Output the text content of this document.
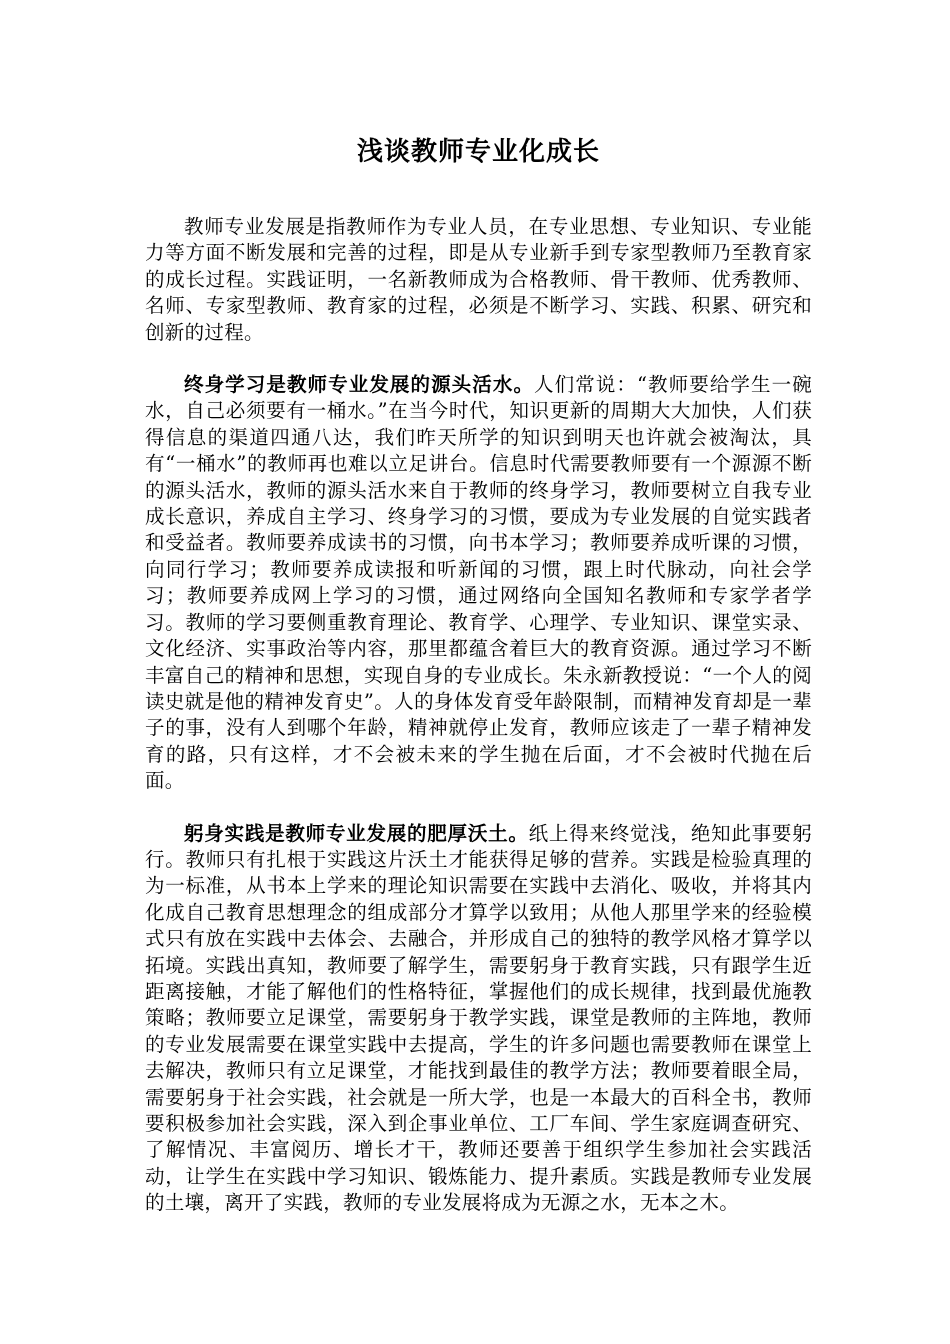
浅谈教师专业化成长

教师专业发展是指教师作为专业人员，在专业思想、专业知识、专业能力等方面不断发展和完善的过程，即是从专业新手到专家型教师乃至教育家的成长过程。实践证明，一名新教师成为合格教师、骨干教师、优秀教师、名师、专家型教师、教育家的过程，必须是不断学习、实践、积累、研究和创新的过程。

终身学习是教师专业发展的源头活水。人们常说：“教师要给学生一碗水，自己必须要有一桶水。”在当今时代，知识更新的周期大大加快，人们获得信息的渠道四通八达，我们昨天所学的知识到明天也许就会被淘汰，具有“一桶水”的教师再也难以立足讲台。信息时代需要教师要有一个源源不断的源头活水，教师的源头活水来自于教师的终身学习，教师要树立自我专业成长意识，养成自主学习、终身学习的习惯，要成为专业发展的自觉实践者和受益者。教师要养成读书的习惯，向书本学习；教师要养成听课的习惯，向同行学习；教师要养成读报和听新闻的习惯，跟上时代脉动，向社会学习；教师要养成网上学习的习惯，通过网络向全国知名教师和专家学者学习。教师的学习要侧重教育理论、教育学、心理学、专业知识、课堂实录、文化经济、实事政治等内容，那里都蕴含着巨大的教育资源。通过学习不断丰富自己的精神和思想，实现自身的专业成长。朱永新教授说：“一个人的阅读史就是他的精神发育史”。人的身体发育受年龄限制，而精神发育却是一辈子的事，没有人到哪个年龄，精神就停止发育，教师应该走了一辈子精神发育的路，只有这样，才不会被未来的学生抛在后面，才不会被时代抛在后面。

躬身实践是教师专业发展的肥厚沃土。纸上得来终觉浅，绝知此事要躬行。教师只有扎根于实践这片沃土才能获得足够的营养。实践是检验真理的为一标准，从书本上学来的理论知识需要在实践中去消化、吸收，并将其内化成自己教育思想理念的组成部分才算学以致用；从他人那里学来的经验模式只有放在实践中去体会、去融合，并形成自己的独特的教学风格才算学以拓境。实践出真知，教师要了解学生，需要躬身于教育实践，只有跟学生近距离接触，才能了解他们的性格特征，掌握他们的成长规律，找到最优施教策略；教师要立足课堂，需要躬身于教学实践，课堂是教师的主阵地，教师的专业发展需要在课堂实践中去提高，学生的许多问题也需要教师在课堂上去解决，教师只有立足课堂，才能找到最佳的教学方法；教师要着眼全局，需要躬身于社会实践，社会就是一所大学，也是一本最大的百科全书，教师要积极参加社会实践，深入到企事业单位、工厂车间、学生家庭调查研究、了解情况、丰富阅历、增长才干，教师还要善于组织学生参加社会实践活动，让学生在实践中学习知识、锻炼能力、提升素质。实践是教师专业发展的土壤，离开了实践，教师的专业发展将成为无源之水，无本之木。
